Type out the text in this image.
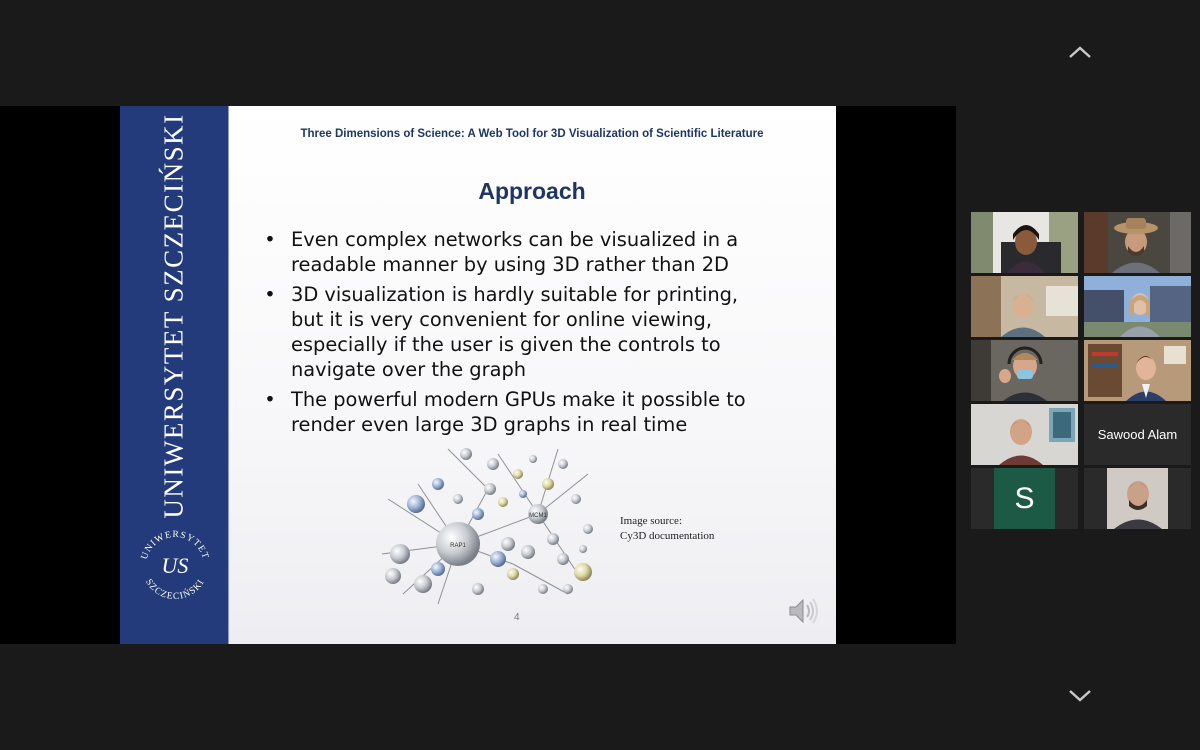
UNIWERSYTET SZCZECIŃSKI
UNIWERSYTET
SZCZECIŃSKI
US
Three Dimensions of Science: A Web Tool for 3D Visualization of Scientific Literature
Approach
• Even complex networks can be visualized in a readable manner by using 3D rather than 2D
• 3D visualization is hardly suitable for printing, but it is very convenient for online viewing, especially if the user is given the controls to navigate over the graph
• The powerful modern GPUs make it possible to render even large 3D graphs in real time
RAP1
MCM1	Image source:
Cy3D documentation
4
Sawood Alam
S
